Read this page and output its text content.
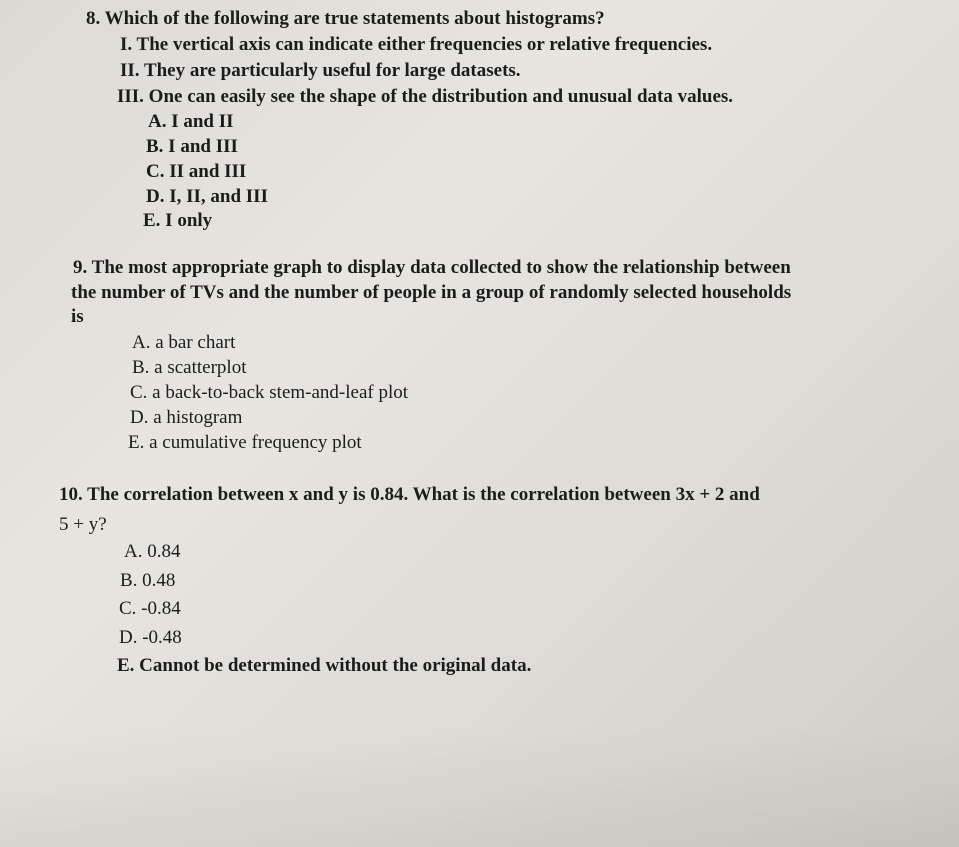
8. Which of the following are true statements about histograms?
I. The vertical axis can indicate either frequencies or relative frequencies.
II. They are particularly useful for large datasets.
III. One can easily see the shape of the distribution and unusual data values.
A. I and II
B. I and III
C. II and III
D. I, II, and III
E. I only
9. The most appropriate graph to display data collected to show the relationship between
the number of TVs and the number of people in a group of randomly selected households
is
A. a bar chart
B. a scatterplot
C. a back-to-back stem-and-leaf plot
D. a histogram
E. a cumulative frequency plot
10. The correlation between x and y is 0.84. What is the correlation between 3x + 2 and
5 + y?
A. 0.84
B. 0.48
C. -0.84
D. -0.48
E. Cannot be determined without the original data.
